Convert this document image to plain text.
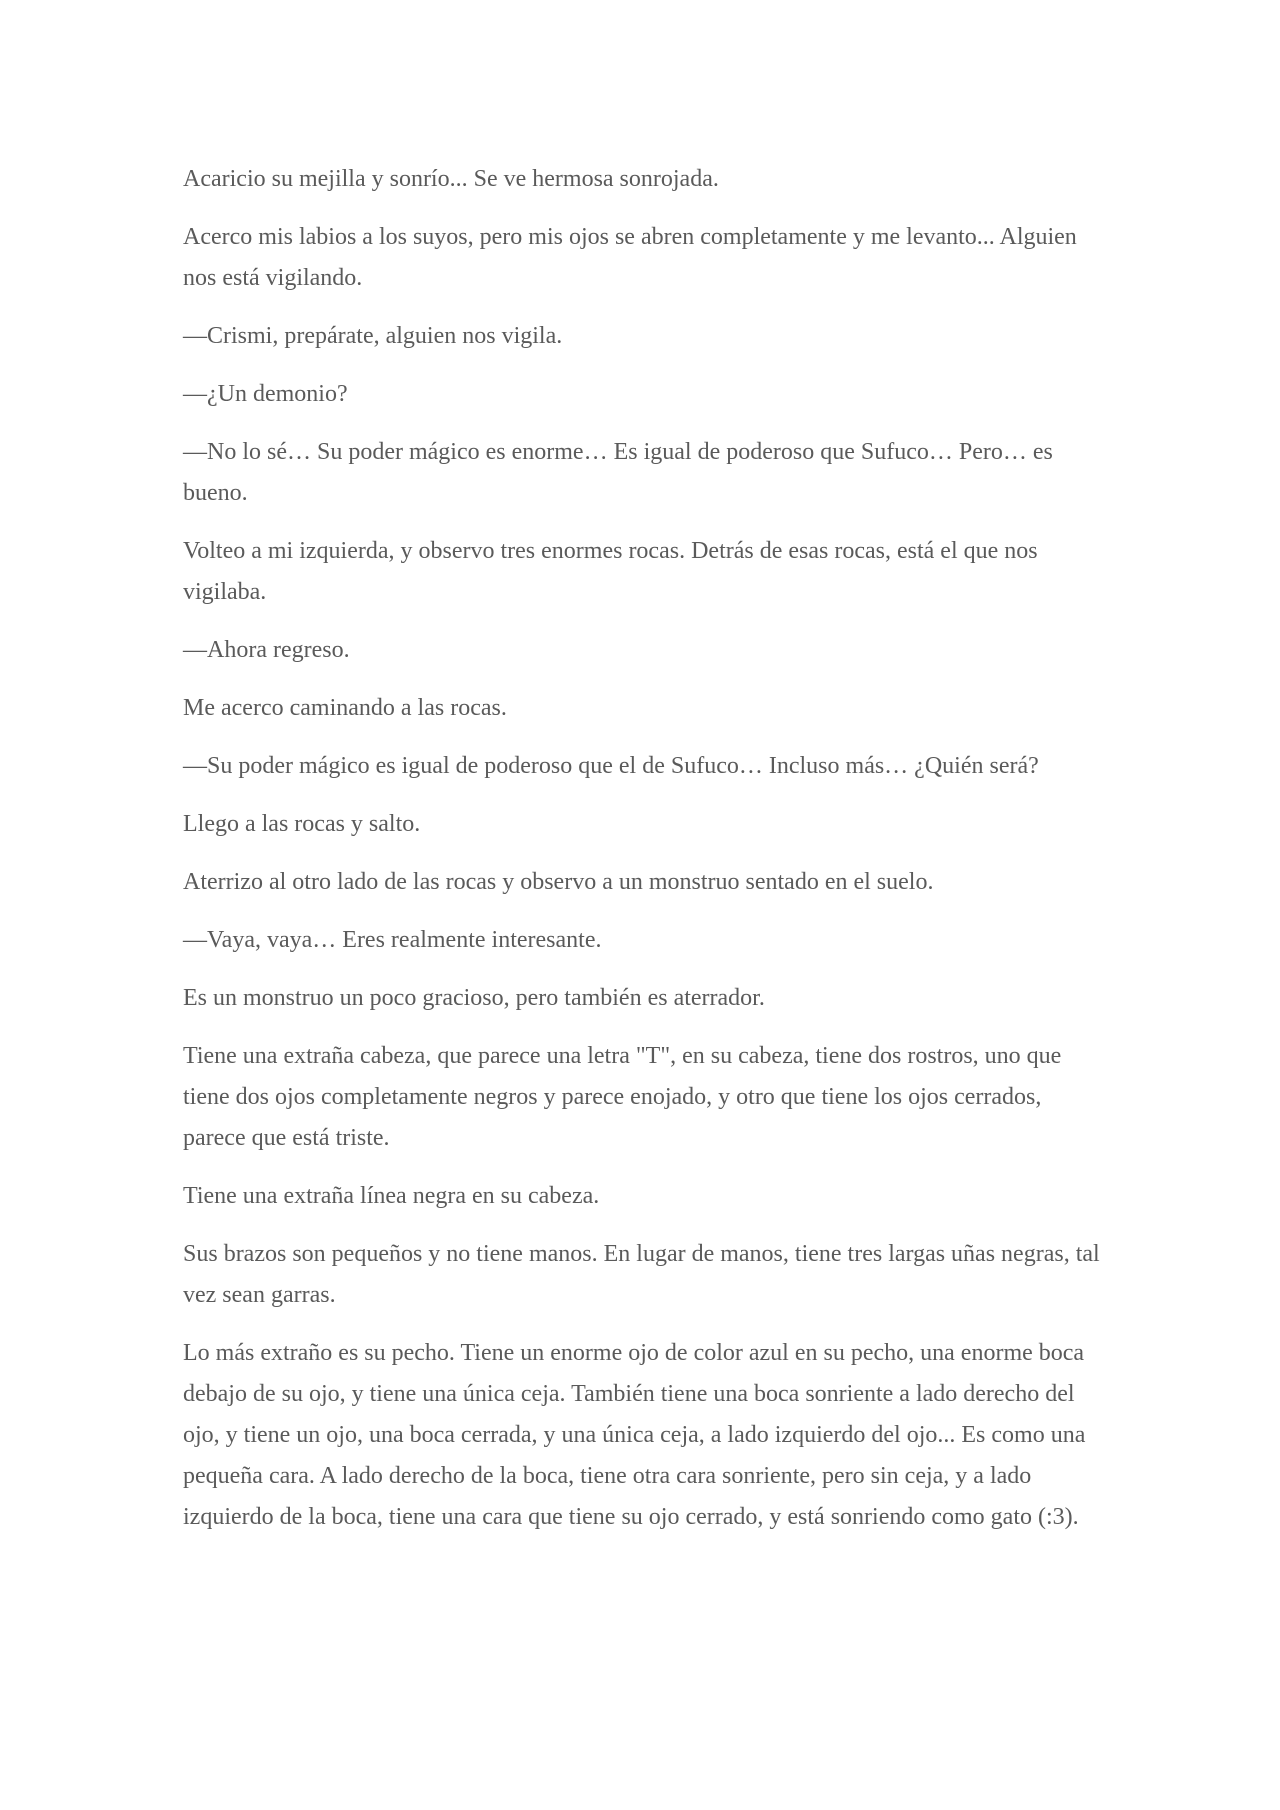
Acaricio su mejilla y sonrío... Se ve hermosa sonrojada.

Acerco mis labios a los suyos, pero mis ojos se abren completamente y me levanto... Alguien nos está vigilando.

—Crismi, prepárate, alguien nos vigila.

—¿Un demonio?

—No lo sé… Su poder mágico es enorme… Es igual de poderoso que Sufuco… Pero… es bueno.

Volteo a mi izquierda, y observo tres enormes rocas. Detrás de esas rocas, está el que nos vigilaba.

—Ahora regreso.

Me acerco caminando a las rocas.

—Su poder mágico es igual de poderoso que el de Sufuco… Incluso más… ¿Quién será?

Llego a las rocas y salto.

Aterrizo al otro lado de las rocas y observo a un monstruo sentado en el suelo.

—Vaya, vaya… Eres realmente interesante.

Es un monstruo un poco gracioso, pero también es aterrador.

Tiene una extraña cabeza, que parece una letra "T", en su cabeza, tiene dos rostros, uno que tiene dos ojos completamente negros y parece enojado, y otro que tiene los ojos cerrados, parece que está triste.

Tiene una extraña línea negra en su cabeza.

Sus brazos son pequeños y no tiene manos. En lugar de manos, tiene tres largas uñas negras, tal vez sean garras.

Lo más extraño es su pecho. Tiene un enorme ojo de color azul en su pecho, una enorme boca debajo de su ojo, y tiene una única ceja. También tiene una boca sonriente a lado derecho del ojo, y tiene un ojo, una boca cerrada, y una única ceja, a lado izquierdo del ojo... Es como una pequeña cara. A lado derecho de la boca, tiene otra cara sonriente, pero sin ceja, y a lado izquierdo de la boca, tiene una cara que tiene su ojo cerrado, y está sonriendo como gato (:3).
